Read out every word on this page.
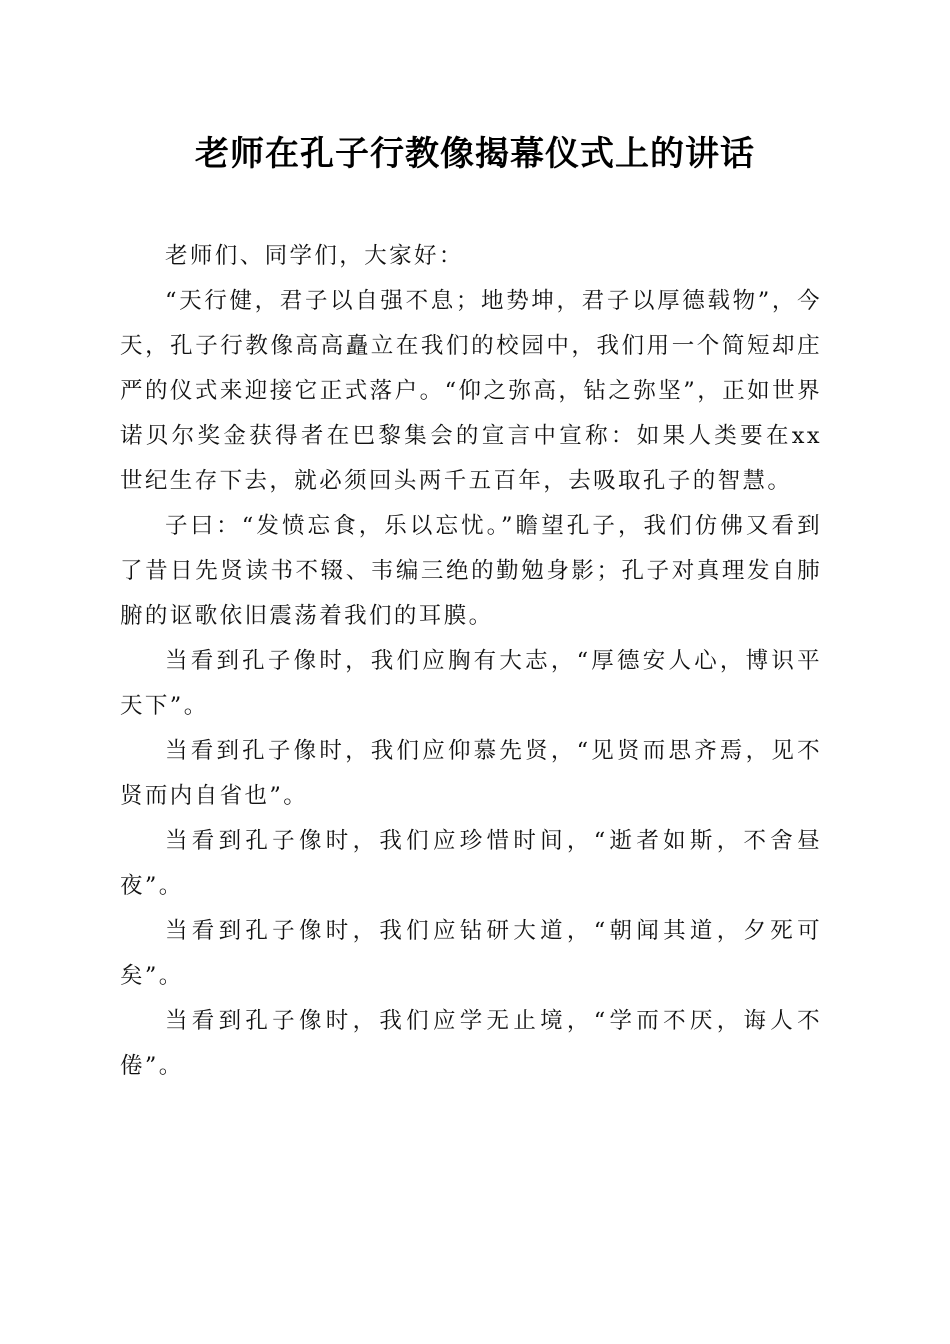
老师在孔子行教像揭幕仪式上的讲话

老师们、同学们，大家好：

“天行健，君子以自强不息；地势坤，君子以厚德载物”，今天，孔子行教像高高矗立在我们的校园中，我们用一个简短却庄严的仪式来迎接它正式落户。“仰之弥高，钻之弥坚”，正如世界诺贝尔奖金获得者在巴黎集会的宣言中宣称：如果人类要在xx世纪生存下去，就必须回头两千五百年，去吸取孔子的智慧。

子曰：“发愤忘食，乐以忘忧。”瞻望孔子，我们仿佛又看到了昔日先贤读书不辍、韦编三绝的勤勉身影；孔子对真理发自肺腑的讴歌依旧震荡着我们的耳膜。

当看到孔子像时，我们应胸有大志，“厚德安人心，博识平天下”。

当看到孔子像时，我们应仰慕先贤，“见贤而思齐焉，见不贤而内自省也”。

当看到孔子像时，我们应珍惜时间，“逝者如斯，不舍昼夜”。

当看到孔子像时，我们应钻研大道，“朝闻其道，夕死可矣”。

当看到孔子像时，我们应学无止境，“学而不厌，诲人不倦”。
